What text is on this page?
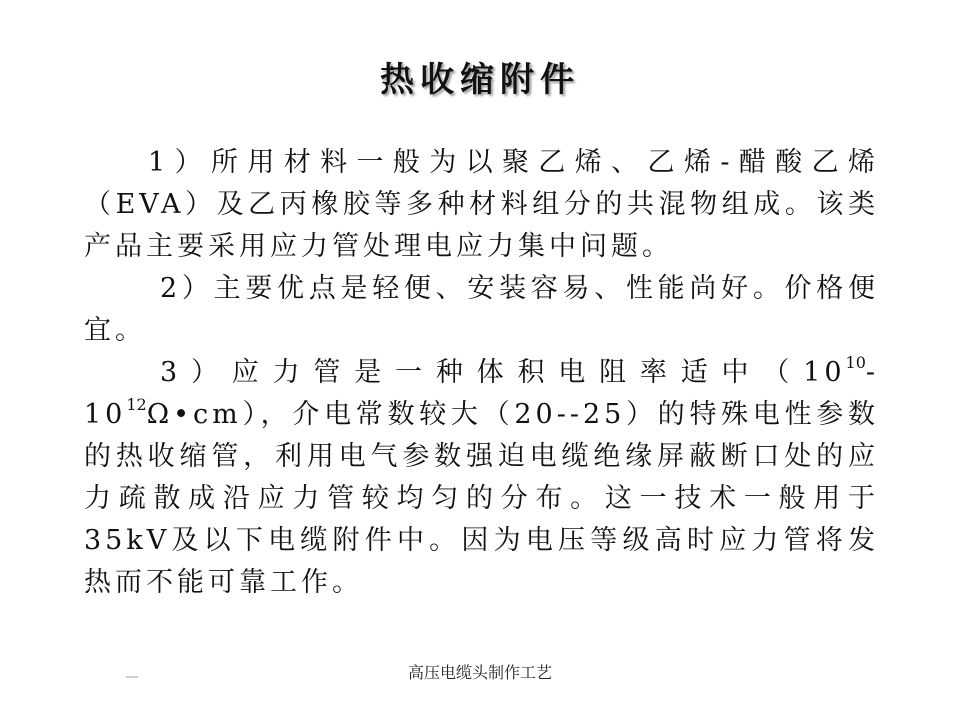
热收缩附件

1）所用材料一般为以聚乙烯、乙烯-醋酸乙烯（EVA）及乙丙橡胶等多种材料组分的共混物组成。该类产品主要采用应力管处理电应力集中问题。

2）主要优点是轻便、安装容易、性能尚好。价格便宜。

3）应力管是一种体积电阻率适中$(10^{10}-10^{12}\Omega•cm)$，介电常数较大（20--25）的特殊电性参数的热收缩管，利用电气参数强迫电缆绝缘屏蔽断口处的应力疏散成沿应力管较均匀的分布。这一技术一般用于35kV及以下电缆附件中。因为电压等级高时应力管将发热而不能可靠工作。

高压电缆头制作工艺
